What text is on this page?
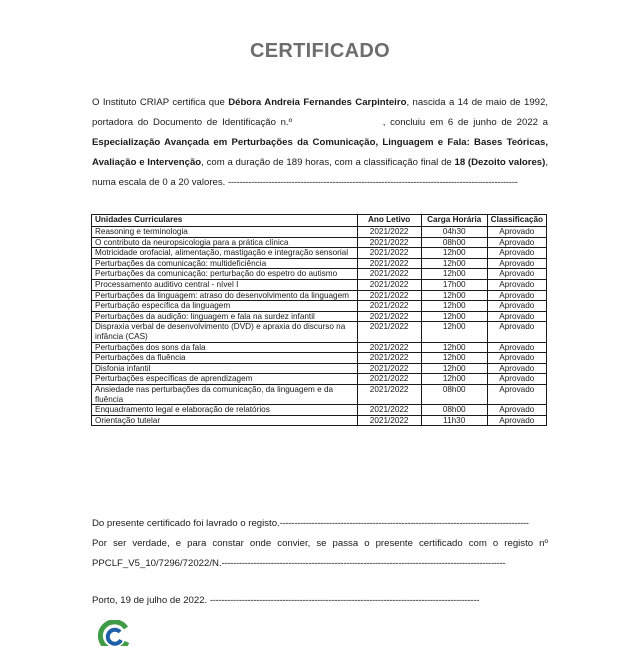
CERTIFICADO

O Instituto CRIAP certifica que Débora Andreia Fernandes Carpinteiro, nascida a 14 de maio de 1992, portadora do Documento de Identificação n.º	, concluiu em 6 de junho de 2022 a Especialização Avançada em Perturbações da Comunicação, Linguagem e Fala: Bases Teóricas, Avaliação e Intervenção, com a duração de 189 horas, com a classificação final de 18 (Dezoito valores), numa escala de 0 a 20 valores. ----------------------------------------------------------------------------------------------------

Unidades Curriculares	Ano Letivo	Carga Horária	Classificação
Reasoning e terminologia	2021/2022	04h30	Aprovado
O contributo da neuropsicologia para a prática clínica	2021/2022	08h00	Aprovado
Motricidade orofacial, alimentação, mastigação e integração sensorial	2021/2022	12h00	Aprovado
Perturbações da comunicação: multideficiência	2021/2022	12h00	Aprovado
Perturbações da comunicação: perturbação do espetro do autismo	2021/2022	12h00	Aprovado
Processamento auditivo central - nível I	2021/2022	17h00	Aprovado
Perturbações da linguagem: atraso do desenvolvimento da linguagem	2021/2022	12h00	Aprovado
Perturbação específica da linguagem	2021/2022	12h00	Aprovado
Perturbações da audição: linguagem e fala na surdez infantil	2021/2022	12h00	Aprovado
Dispraxia verbal de desenvolvimento (DVD) e apraxia do discurso na infância (CAS)	2021/2022	12h00	Aprovado
Perturbações dos sons da fala	2021/2022	12h00	Aprovado
Perturbações da fluência	2021/2022	12h00	Aprovado
Disfonia infantil	2021/2022	12h00	Aprovado
Perturbações específicas de aprendizagem	2021/2022	12h00	Aprovado
Ansiedade nas perturbações da comunicação, da linguagem e da fluência	2021/2022	08h00	Aprovado
Enquadramento legal e elaboração de relatórios	2021/2022	08h00	Aprovado
Orientação tutelar	2021/2022	11h30	Aprovado

Do presente certificado foi lavrado o registo.--------------------------------------------------------------------------------------

Por ser verdade, e para constar onde convier, se passa o presente certificado com o registo nº PPCLF_V5_10/7296/72022/N.--------------------------------------------------------------------------------------------------

Porto, 19 de julho de 2022. ---------------------------------------------------------------------------------------------
